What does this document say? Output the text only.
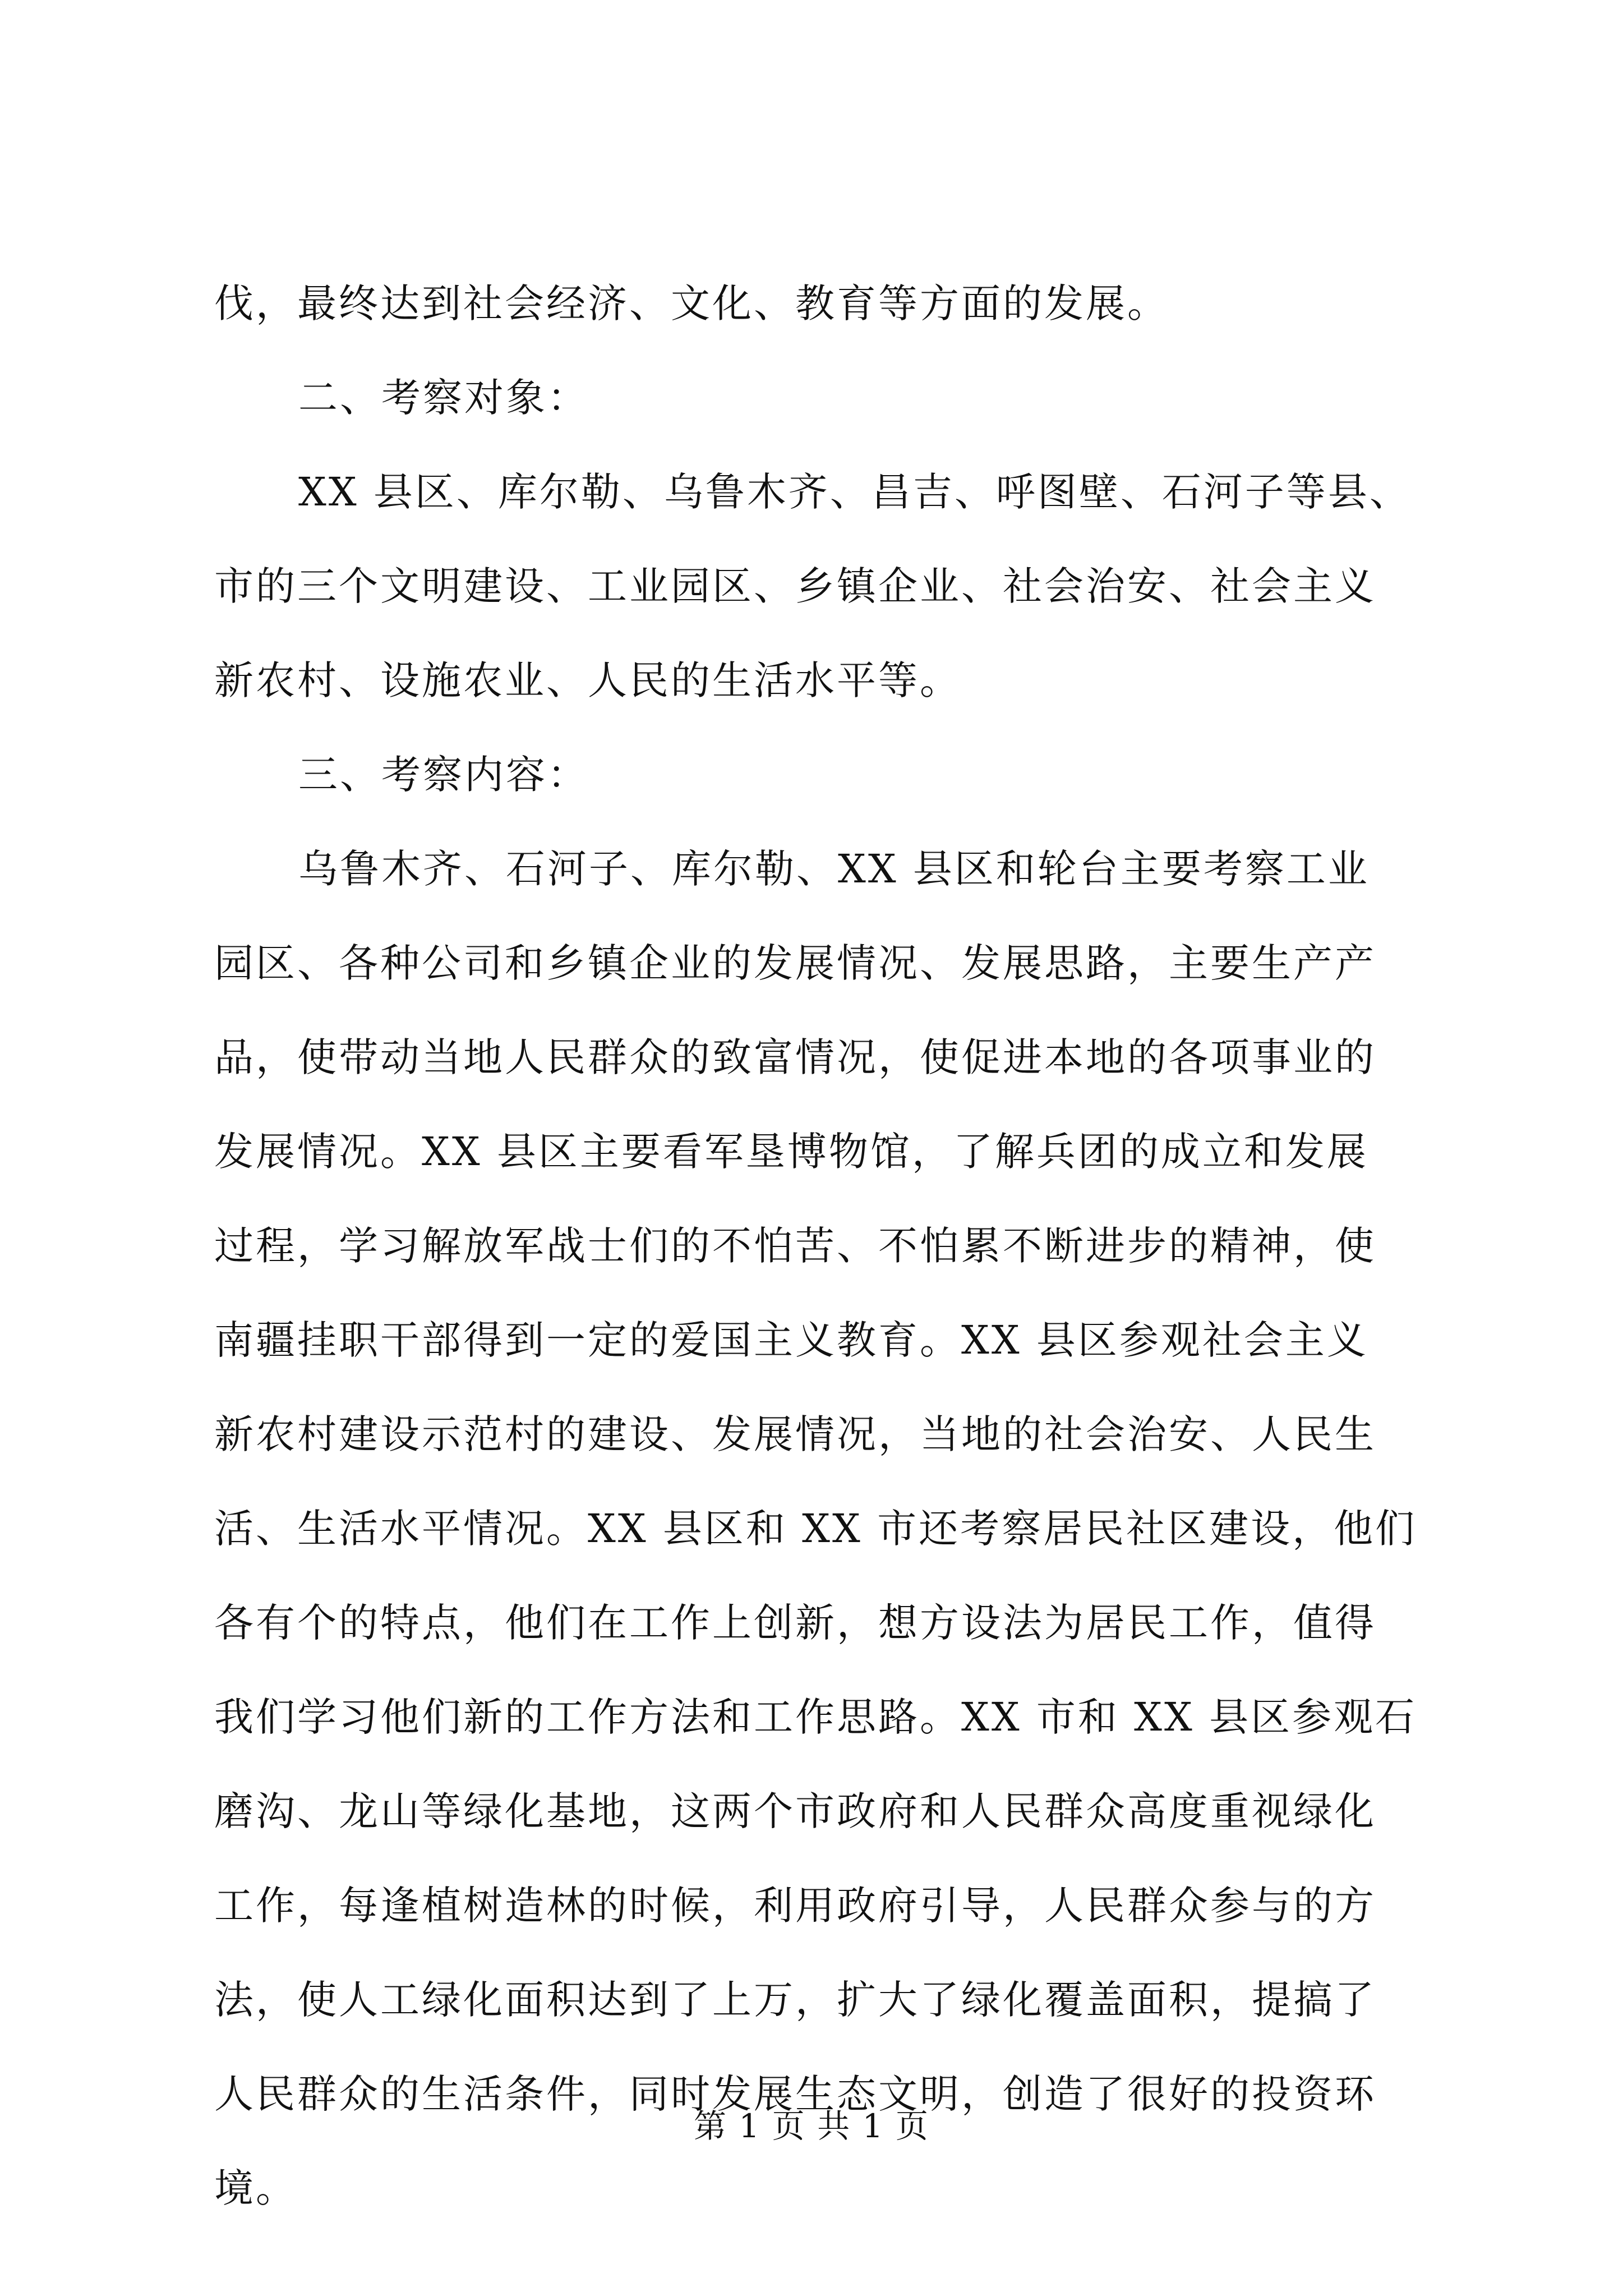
伐，最终达到社会经济、文化、教育等方面的发展。
二、考察对象：
XX 县区、库尔勒、乌鲁木齐、昌吉、呼图壁、石河子等县、
市的三个文明建设、工业园区、乡镇企业、社会治安、社会主义
新农村、设施农业、人民的生活水平等。
三、考察内容：
乌鲁木齐、石河子、库尔勒、XX 县区和轮台主要考察工业
园区、各种公司和乡镇企业的发展情况、发展思路，主要生产产
品，使带动当地人民群众的致富情况，使促进本地的各项事业的
发展情况。XX 县区主要看军垦博物馆，了解兵团的成立和发展
过程，学习解放军战士们的不怕苦、不怕累不断进步的精神，使
南疆挂职干部得到一定的爱国主义教育。XX 县区参观社会主义
新农村建设示范村的建设、发展情况，当地的社会治安、人民生
活、生活水平情况。XX 县区和 XX 市还考察居民社区建设，他们
各有个的特点，他们在工作上创新，想方设法为居民工作，值得
我们学习他们新的工作方法和工作思路。XX 市和 XX 县区参观石
磨沟、龙山等绿化基地，这两个市政府和人民群众高度重视绿化
工作，每逢植树造林的时候，利用政府引导，人民群众参与的方
法，使人工绿化面积达到了上万，扩大了绿化覆盖面积，提搞了
人民群众的生活条件，同时发展生态文明，创造了很好的投资环
境。
第 1 页 共 1 页
